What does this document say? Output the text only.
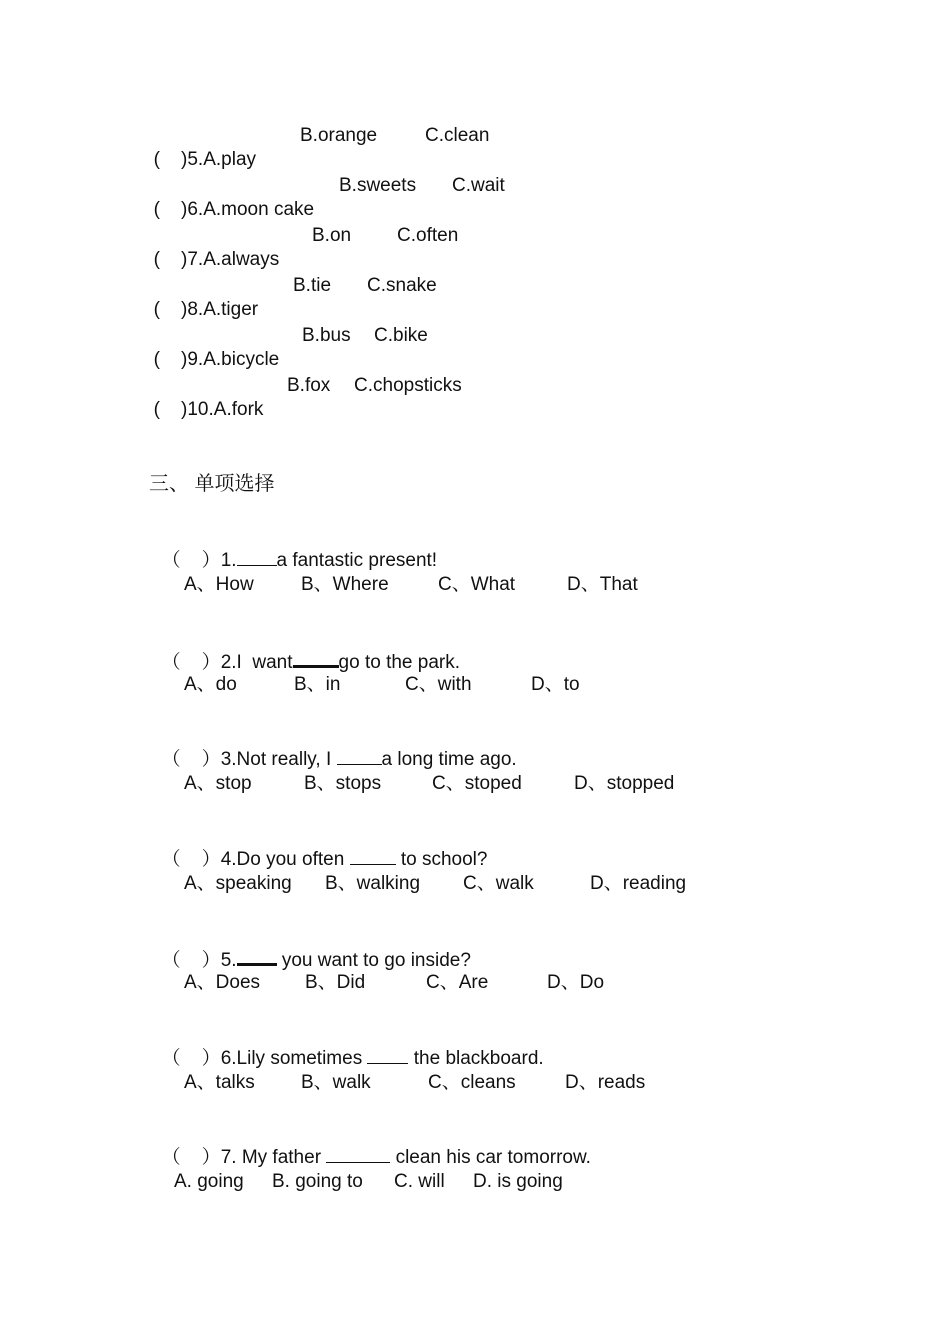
(    )5.A.play

B.orange	C.clean

(    )6.A.moon cake

B.sweets C.wait

(    )7.A.always

B.on C.often

(    )8.A.tiger

B.tie C.snake

(    )9.A.bicycle

B.bus C.bike

(    )10.A.fork

B.fox C.chopsticks
三、 单项选择

（    ）1. a fantastic present!

A、How B、Where	C、What	D、That

（    ）2.I  want go to the park.

A、do	B、in	C、with	D、to

（    ）3.Not really, I a long time ago.

A、stop	B、stops	C、stoped	D、stopped

（    ）4.Do you often  to school?

A、speaking B、walking C、walk	D、reading

（    ）5. you want to go inside?

A、Does B、Did	C、Are	D、Do

（    ）6.Lily sometimes  the blackboard.

A、talks B、walk	C、cleans	D、reads

（    ）7. My father	clean his car tomorrow.

A. going B. going to C. will D. is going
